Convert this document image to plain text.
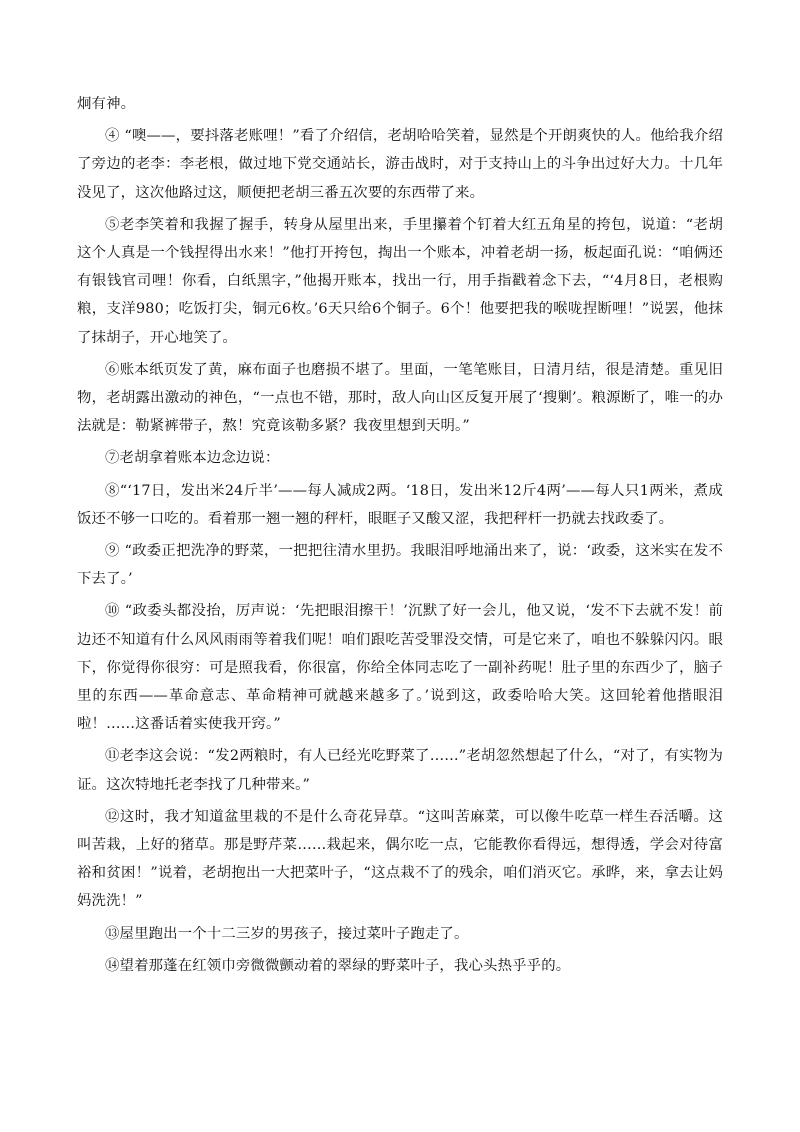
炯有神。

④ “噢——，要抖落老账哩！”看了介绍信，老胡哈哈笑着，显然是个开朗爽快的人。他给我介绍了旁边的老李：李老根，做过地下党交通站长，游击战时，对于支持山上的斗争出过好大力。十几年没见了，这次他路过这，顺便把老胡三番五次要的东西带了来。

⑤老李笑着和我握了握手，转身从屋里出来，手里攥着个钉着大红五角星的挎包，说道：“老胡这个人真是一个钱捏得出水来！”他打开挎包，掏出一个账本，冲着老胡一扬，板起面孔说：“咱俩还有银钱官司哩！你看，白纸黑字，”他揭开账本，找出一行，用手指戳着念下去，“‘4月8日，老根购粮，支洋980；吃饭打尖，铜元6枚。’6天只给6个铜子。6个！他要把我的喉咙捏断哩！”说罢，他抹了抹胡子，开心地笑了。

⑥账本纸页发了黄，麻布面子也磨损不堪了。里面，一笔笔账目，日清月结，很是清楚。重见旧物，老胡露出激动的神色，“一点也不错，那时，敌人向山区反复开展了‘搜剿’。粮源断了，唯一的办法就是：勒紧裤带子，熬！究竟该勒多紧？我夜里想到天明。”

⑦老胡拿着账本边念边说：

⑧“‘17日，发出米24斤半’——每人减成2两。‘18日，发出米12斤4两’——每人只1两米，煮成饭还不够一口吃的。看着那一翘一翘的秤杆，眼眶子又酸又涩，我把秤杆一扔就去找政委了。

⑨ “政委正把洗净的野菜，一把把往清水里扔。我眼泪呼地涌出来了，说：‘政委，这米实在发不下去了。’

⑩ “政委头都没抬，厉声说：‘先把眼泪擦干！’沉默了好一会儿，他又说，‘发不下去就不发！前边还不知道有什么风风雨雨等着我们呢！咱们跟吃苦受罪没交情，可是它来了，咱也不躲躲闪闪。眼下，你觉得你很穷：可是照我看，你很富，你给全体同志吃了一副补药呢！肚子里的东西少了，脑子里的东西——革命意志、革命精神可就越来越多了。’说到这，政委哈哈大笑。这回轮着他揩眼泪啦！……这番话着实使我开窍。”

⑪老李这会说：“发2两粮时，有人已经光吃野菜了……”老胡忽然想起了什么，“对了，有实物为证。这次特地托老李找了几种带来。”

⑫这时，我才知道盆里栽的不是什么奇花异草。“这叫苦麻菜，可以像牛吃草一样生吞活嚼。这叫苦栽，上好的猪草。那是野芹菜……栽起来，偶尔吃一点，它能教你看得远，想得透，学会对待富裕和贫困！”说着，老胡抱出一大把菜叶子，“这点栽不了的残余，咱们消灭它。承晔，来，拿去让妈妈洗洗！”

⑬屋里跑出一个十二三岁的男孩子，接过菜叶子跑走了。

⑭望着那蓬在红领巾旁微微颤动着的翠绿的野菜叶子，我心头热乎乎的。
